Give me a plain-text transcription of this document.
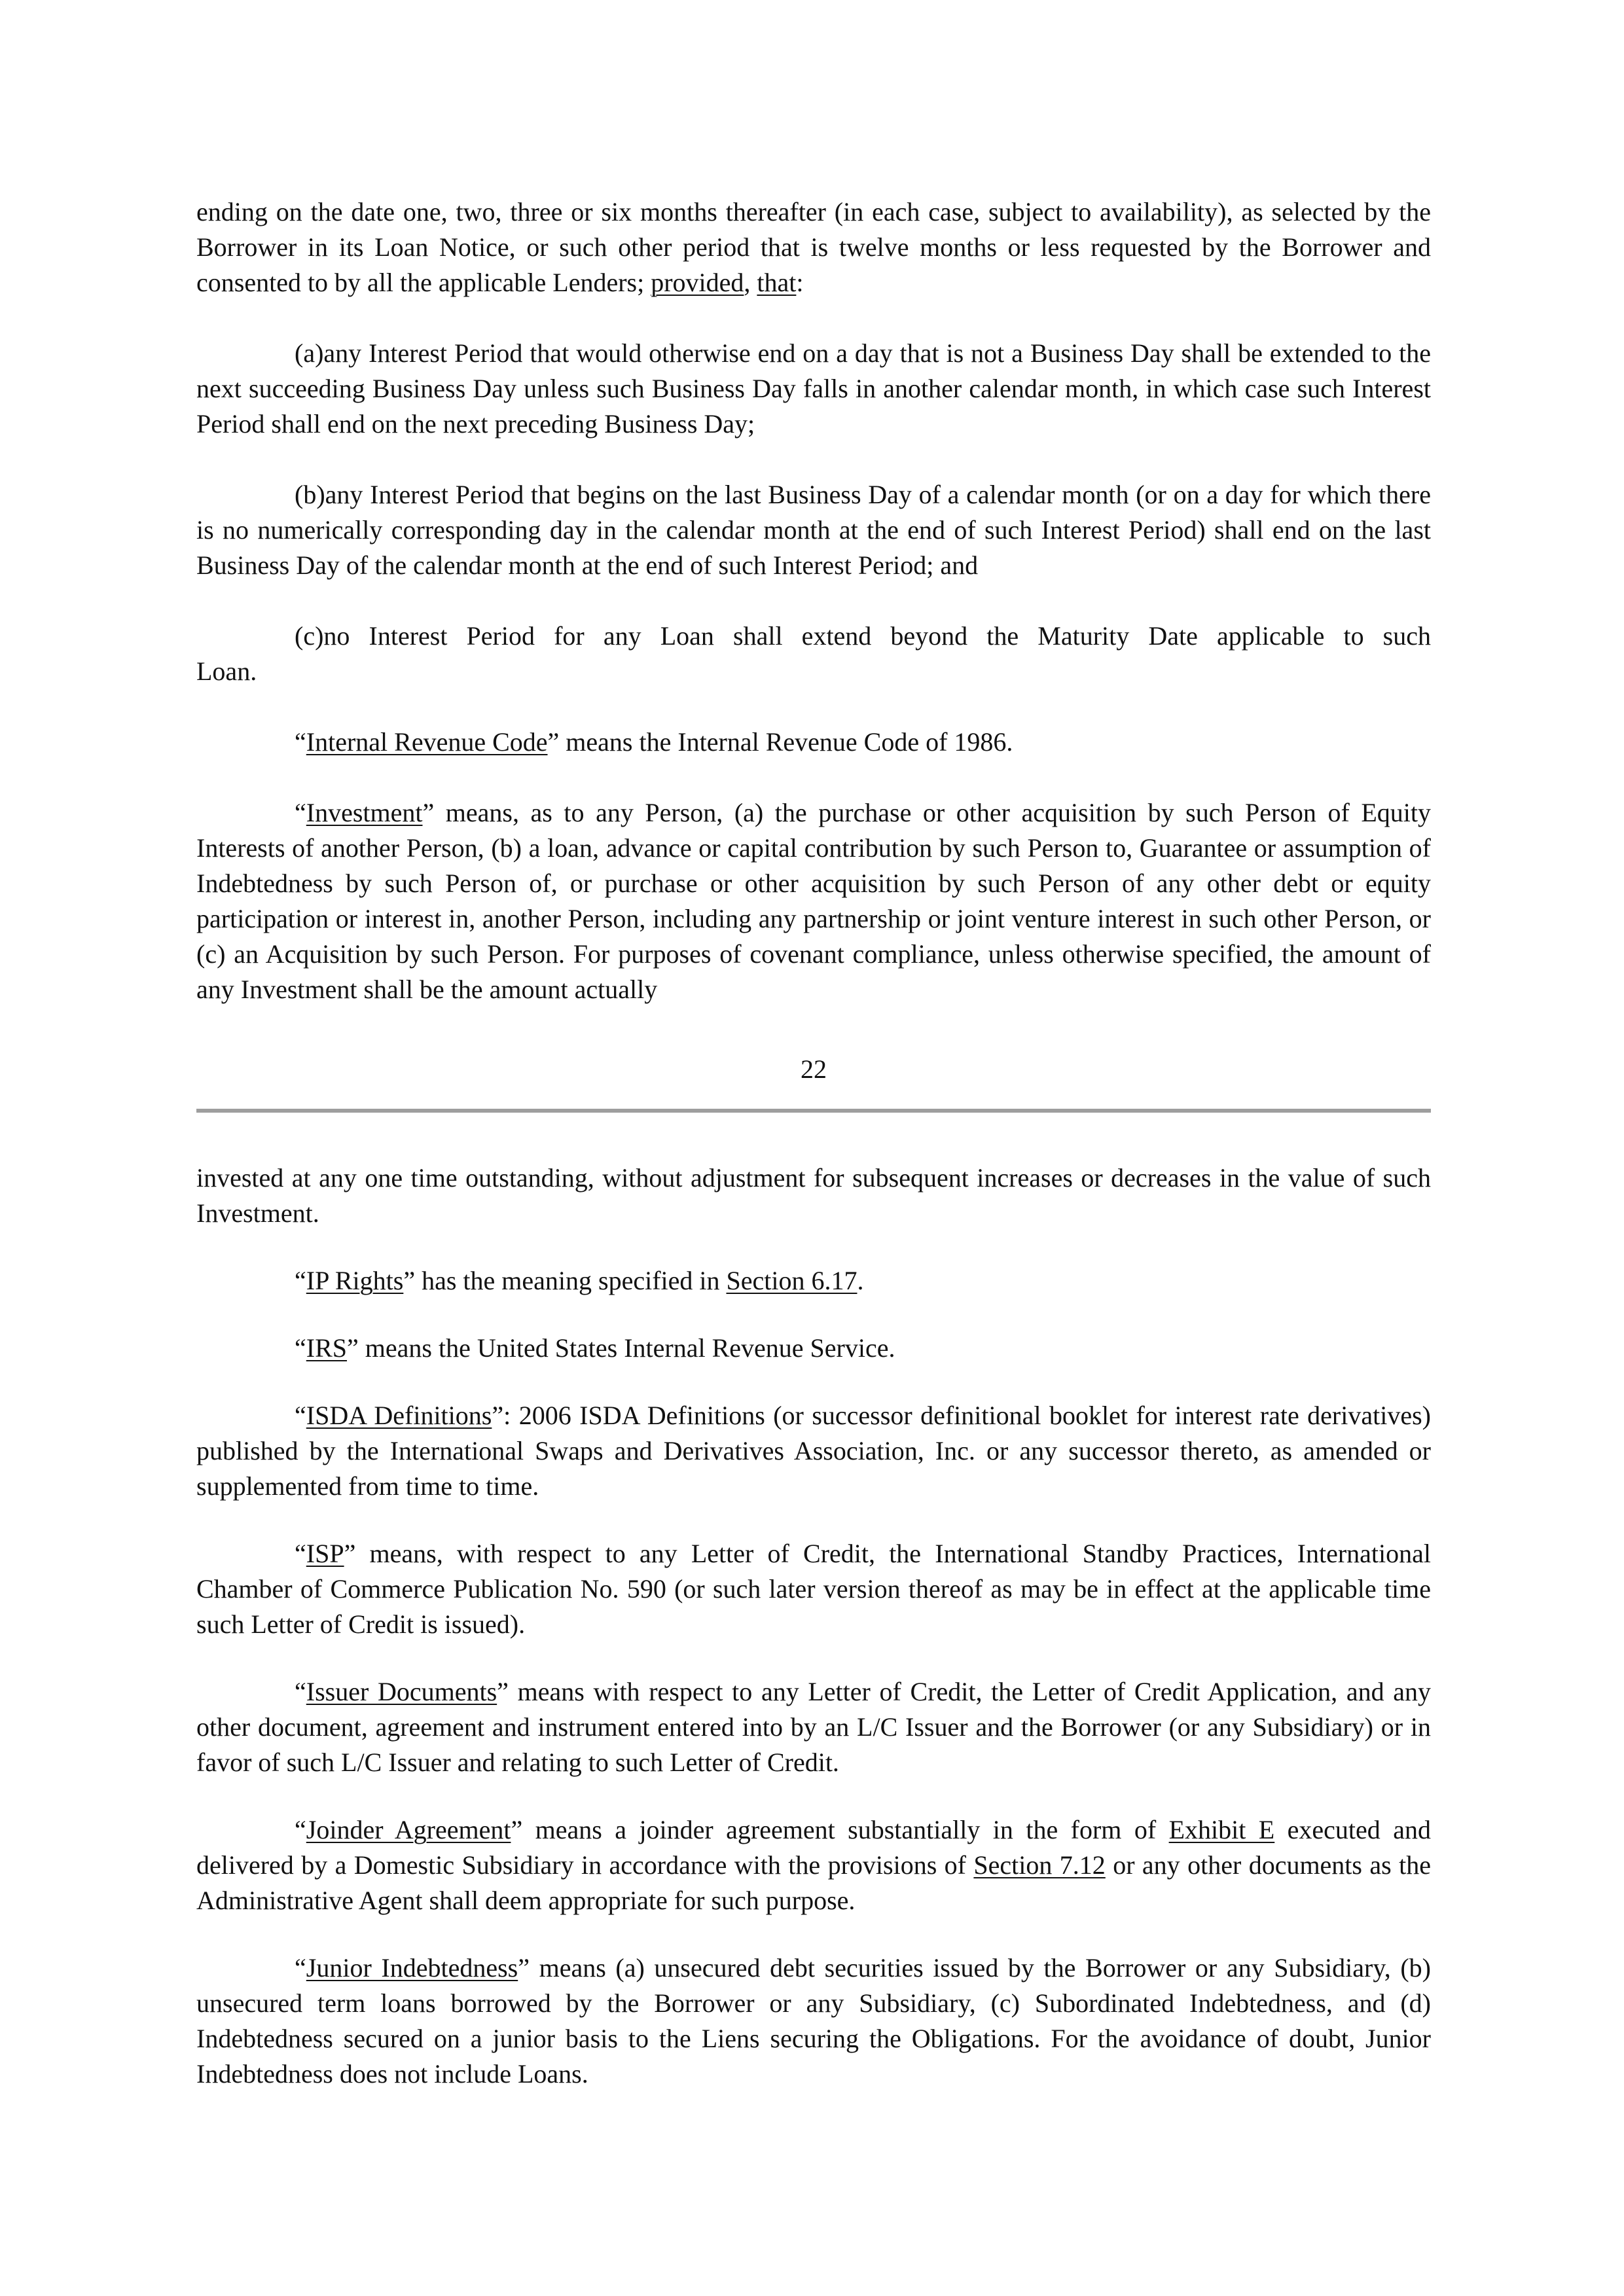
ending on the date one, two, three or six months thereafter (in each case, subject to availability), as selected by the Borrower in its Loan Notice, or such other period that is twelve months or less requested by the Borrower and consented to by all the applicable Lenders; provided, that:

(a)any Interest Period that would otherwise end on a day that is not a Business Day shall be extended to the next succeeding Business Day unless such Business Day falls in another calendar month, in which case such Interest Period shall end on the next preceding Business Day;

(b)any Interest Period that begins on the last Business Day of a calendar month (or on a day for which there is no numerically corresponding day in the calendar month at the end of such Interest Period) shall end on the last Business Day of the calendar month at the end of such Interest Period; and

(c)no Interest Period for any Loan shall extend beyond the Maturity Date applicable to such

Loan.

“Internal Revenue Code” means the Internal Revenue Code of 1986.

“Investment” means, as to any Person, (a) the purchase or other acquisition by such Person of Equity Interests of another Person, (b) a loan, advance or capital contribution by such Person to, Guarantee or assumption of Indebtedness by such Person of, or purchase or other acquisition by such Person of any other debt or equity participation or interest in, another Person, including any partnership or joint venture interest in such other Person, or (c) an Acquisition by such Person. For purposes of covenant compliance, unless otherwise specified, the amount of any Investment shall be the amount actually

22

invested at any one time outstanding, without adjustment for subsequent increases or decreases in the value of such Investment.

“IP Rights” has the meaning specified in Section 6.17.

“IRS” means the United States Internal Revenue Service.

“ISDA Definitions”: 2006 ISDA Definitions (or successor definitional booklet for interest rate derivatives) published by the International Swaps and Derivatives Association, Inc. or any successor thereto, as amended or supplemented from time to time.

“ISP” means, with respect to any Letter of Credit, the International Standby Practices, International Chamber of Commerce Publication No. 590 (or such later version thereof as may be in effect at the applicable time such Letter of Credit is issued).

“Issuer Documents” means with respect to any Letter of Credit, the Letter of Credit Application, and any other document, agreement and instrument entered into by an L/C Issuer and the Borrower (or any Subsidiary) or in favor of such L/C Issuer and relating to such Letter of Credit.

“Joinder Agreement” means a joinder agreement substantially in the form of Exhibit E executed and delivered by a Domestic Subsidiary in accordance with the provisions of Section 7.12 or any other documents as the Administrative Agent shall deem appropriate for such purpose.

“Junior Indebtedness” means (a) unsecured debt securities issued by the Borrower or any Subsidiary, (b) unsecured term loans borrowed by the Borrower or any Subsidiary, (c) Subordinated Indebtedness, and (d) Indebtedness secured on a junior basis to the Liens securing the Obligations. For the avoidance of doubt, Junior Indebtedness does not include Loans.
